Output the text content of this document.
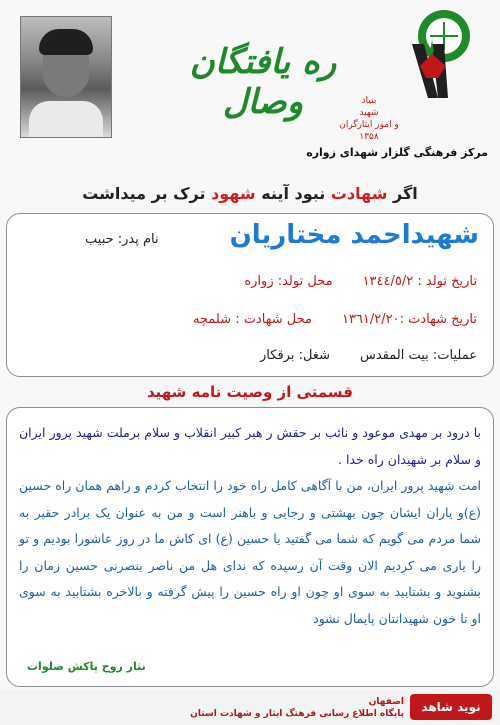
ره یافتگان وصال	بنیاد
شهید
و امور ایثارگران
۱۳۵۸
مرکز فرهنگی گلزار شهدای زواره
اگر شهادت نبود آینه شهود ترک بر میداشت
شهیداحمد مختاریان
نام پدر: حبیب
تاریخ تولد : ۱۳٤٤/٥/۲محل تولد: زواره
تاریخ شهادت :۱۳٦۱/۲/۲۰محل شهادت : شلمچه
عملیات: بیت المقدسشغل: برقکار
قسمتی از وصیت نامه شهید

با درود بر مهدی موعود و نائب بر حقش ر هبر کبیر انقلاب و سلام برملت شهید پرور ایران و سلام بر شهیدان راه خدا .

امت شهید پرور ایران، من با آگاهی کامل راه خود را انتخاب کردم و راهم همان راه حسین (ع)و یاران ایشان چون بهشتی و رجایی و باهنر است و من به عنوان یک برادر حقیر به شما مردم می گویم که شما می گفتید یا حسین (ع) ای کاش ما در روز عاشورا بودیم و تو را یاری می کردیم الان وقت آن رسیده که ندای هل من ناصر ینصرنی حسین زمان را بشنوید و بشتابید به سوی او چون او راه حسین را پیش گرفته و بالاخره بشتابید به سوی او تا خون شهیدانتان پایمال نشود

نثار روح پاکش صلوات
اصفهان
پایگاه اطلاع رسانی فرهنگ ایثار و شهادت استان	نوید شاهد
